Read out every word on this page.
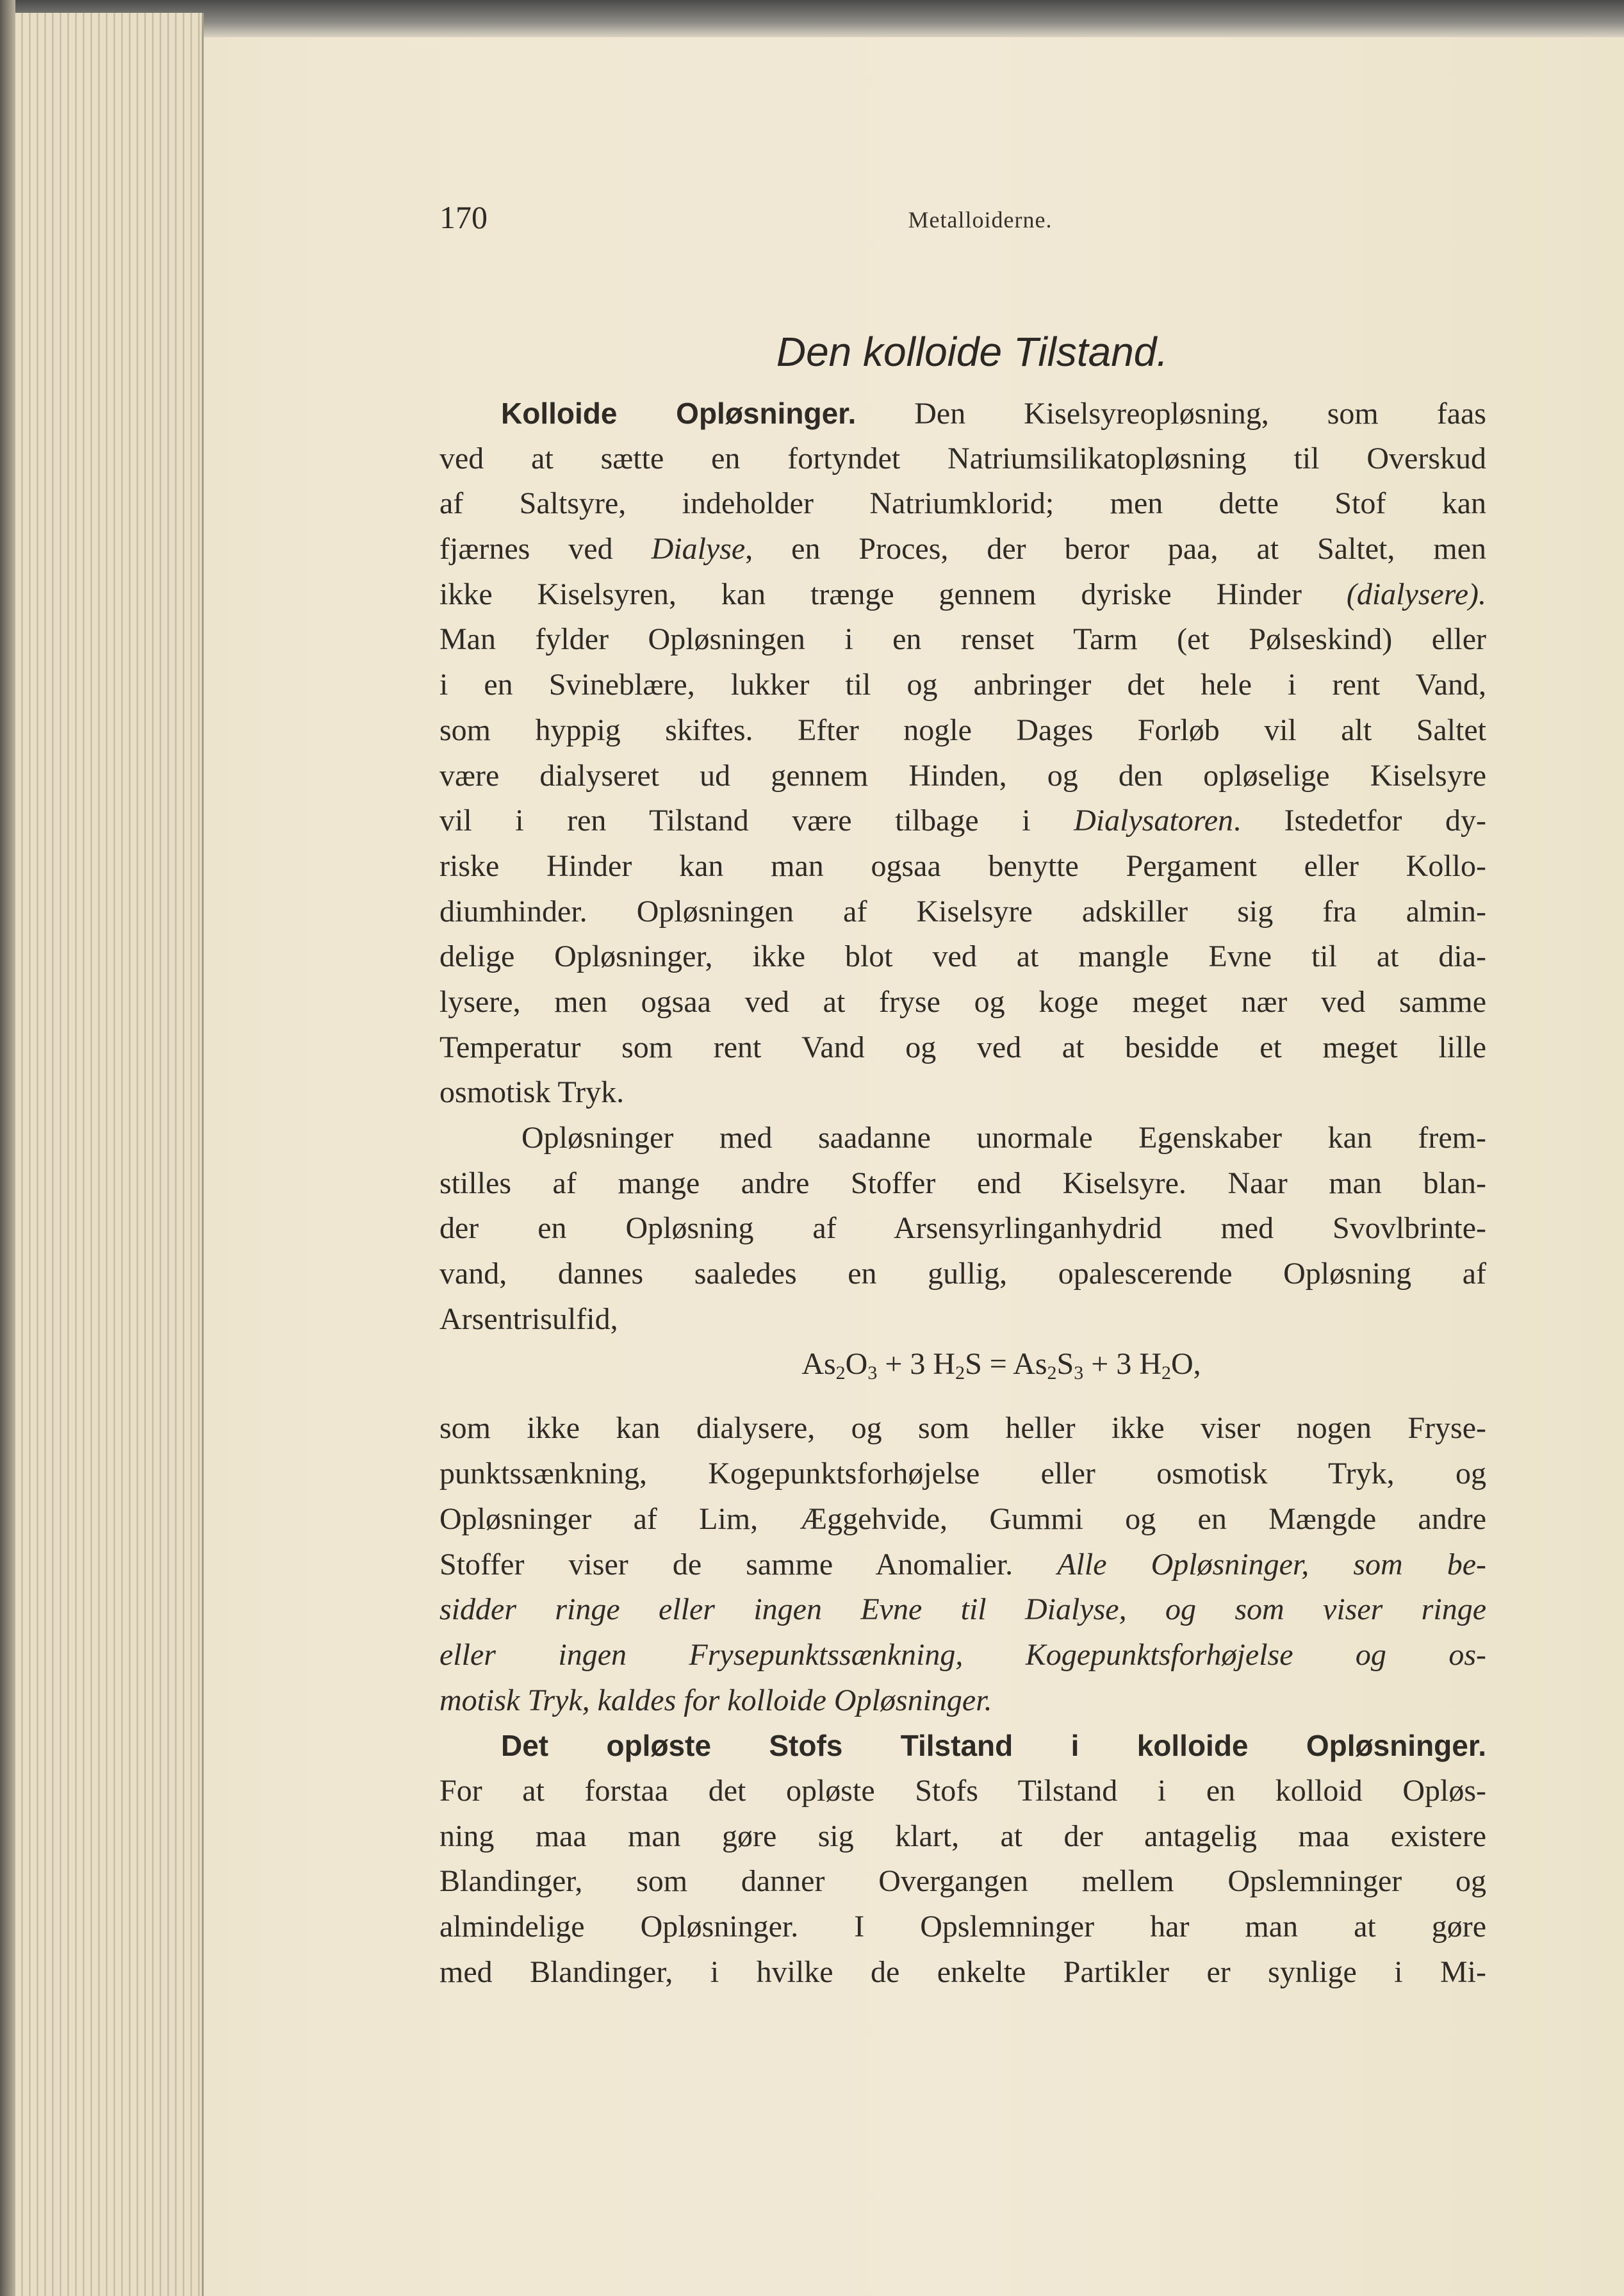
170	Metalloiderne.
Den kolloide Tilstand.
Kolloide Opløsninger. Den Kiselsyreopløsning, som faas
ved at sætte en fortyndet Natriumsilikatopløsning til Overskud
af Saltsyre, indeholder Natriumklorid; men dette Stof kan
fjærnes ved Dialyse, en Proces, der beror paa, at Saltet, men
ikke Kiselsyren, kan trænge gennem dyriske Hinder (dialysere).
Man fylder Opløsningen i en renset Tarm (et Pølseskind) eller
i en Svineblære, lukker til og anbringer det hele i rent Vand,
som hyppig skiftes. Efter nogle Dages Forløb vil alt Saltet
være dialyseret ud gennem Hinden, og den opløselige Kiselsyre
vil i ren Tilstand være tilbage i Dialysatoren. Istedetfor dy-
riske Hinder kan man ogsaa benytte Pergament eller Kollo-
diumhinder. Opløsningen af Kiselsyre adskiller sig fra almin-
delige Opløsninger, ikke blot ved at mangle Evne til at dia-
lysere, men ogsaa ved at fryse og koge meget nær ved samme
Temperatur som rent Vand og ved at besidde et meget lille
osmotisk Tryk.
Opløsninger med saadanne unormale Egenskaber kan frem-
stilles af mange andre Stoffer end Kiselsyre. Naar man blan-
der en Opløsning af Arsensyrlinganhydrid med Svovlbrinte-
vand, dannes saaledes en gullig, opalescerende Opløsning af
Arsentrisulfid,
$As_2O_3 + 3$ $H_2S = As_2S_3 + 3$ $H_2O$,
som ikke kan dialysere, og som heller ikke viser nogen Fryse-
punktssænkning, Kogepunktsforhøjelse eller osmotisk Tryk, og
Opløsninger af Lim, Æggehvide, Gummi og en Mængde andre
Stoffer viser de samme Anomalier. Alle Opløsninger, som be-
sidder ringe eller ingen Evne til Dialyse, og som viser ringe
eller ingen Frysepunktssænkning, Kogepunktsforhøjelse og os-
motisk Tryk, kaldes for kolloide Opløsninger.
Det opløste Stofs Tilstand i kolloide Opløsninger.
For at forstaa det opløste Stofs Tilstand i en kolloid Opløs-
ning maa man gøre sig klart, at der antagelig maa existere
Blandinger, som danner Overgangen mellem Opslemninger og
almindelige Opløsninger. I Opslemninger har man at gøre
med Blandinger, i hvilke de enkelte Partikler er synlige i Mi-
